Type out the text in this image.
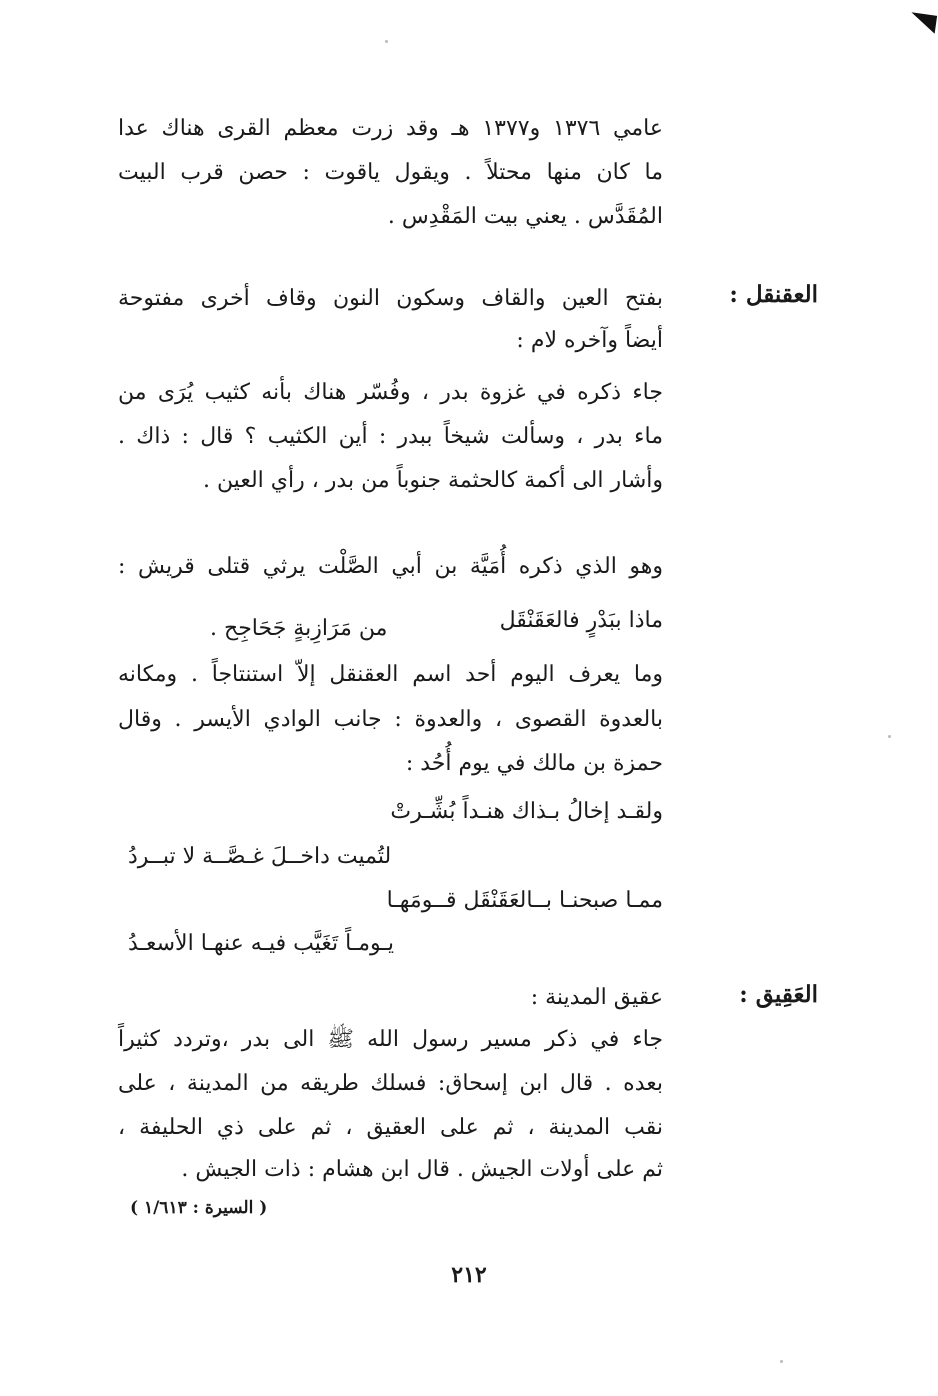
عامي ١٣٧٦ و١٣٧٧ هـ وقد زرت معظم القرى هناك عدا
ما كان منها محتلاً . ويقول ياقوت : حصن قرب البيت
المُقَدَّس . يعني بيت المَقْدِس .
العقنقل :
بفتح العين والقاف وسكون النون وقاف أخرى مفتوحة
أيضاً وآخره لام :
جاء ذكره في غزوة بدر ، وفُسّر هناك بأنه كثيب يُرَى من
ماء بدر ، وسألت شيخاً ببدر : أين الكثيب ؟ قال : ذاك .
وأشار الى أكمة كالحثمة جنوباً من بدر ، رأي العين .
وهو الذي ذكره أُمَيَّة بن أبي الصَّلْت يرثي قتلى قريش :
ماذا ببَدْرٍ فالعَقَنْقَل
من مَرَازِبةٍ جَحَاجِح .
وما يعرف اليوم أحد اسم العقنقل إلاّ استنتاجاً . ومكانه
بالعدوة القصوى ، والعدوة : جانب الوادي الأيسر . وقال
حمزة بن مالك في يوم أُحُد :
ولقـد إخالُ بـذاك هنـداً بُشِّـرتْ
لتُميت داخــلَ غـصَّــة لا تبــردُ
ممـا صبحنـا بــالعَقَنْقَل قــومَهـا
يـومـاً تَغَيَّب فيـه عنهـا الأسعـدُ
العَقِيق :
عقيق المدينة :
جاء في ذكر مسير رسول الله ﷺ الى بدر ،وتردد كثيراً
بعده . قال ابن إسحاق: فسلك طريقه من المدينة ، على
نقب المدينة ، ثم على العقيق ، ثم على ذي الحليفة ،
ثم على أولات الجيش . قال ابن هشام : ذات الجيش .
( السيرة : ١/٦١٣ )
٢١٢
